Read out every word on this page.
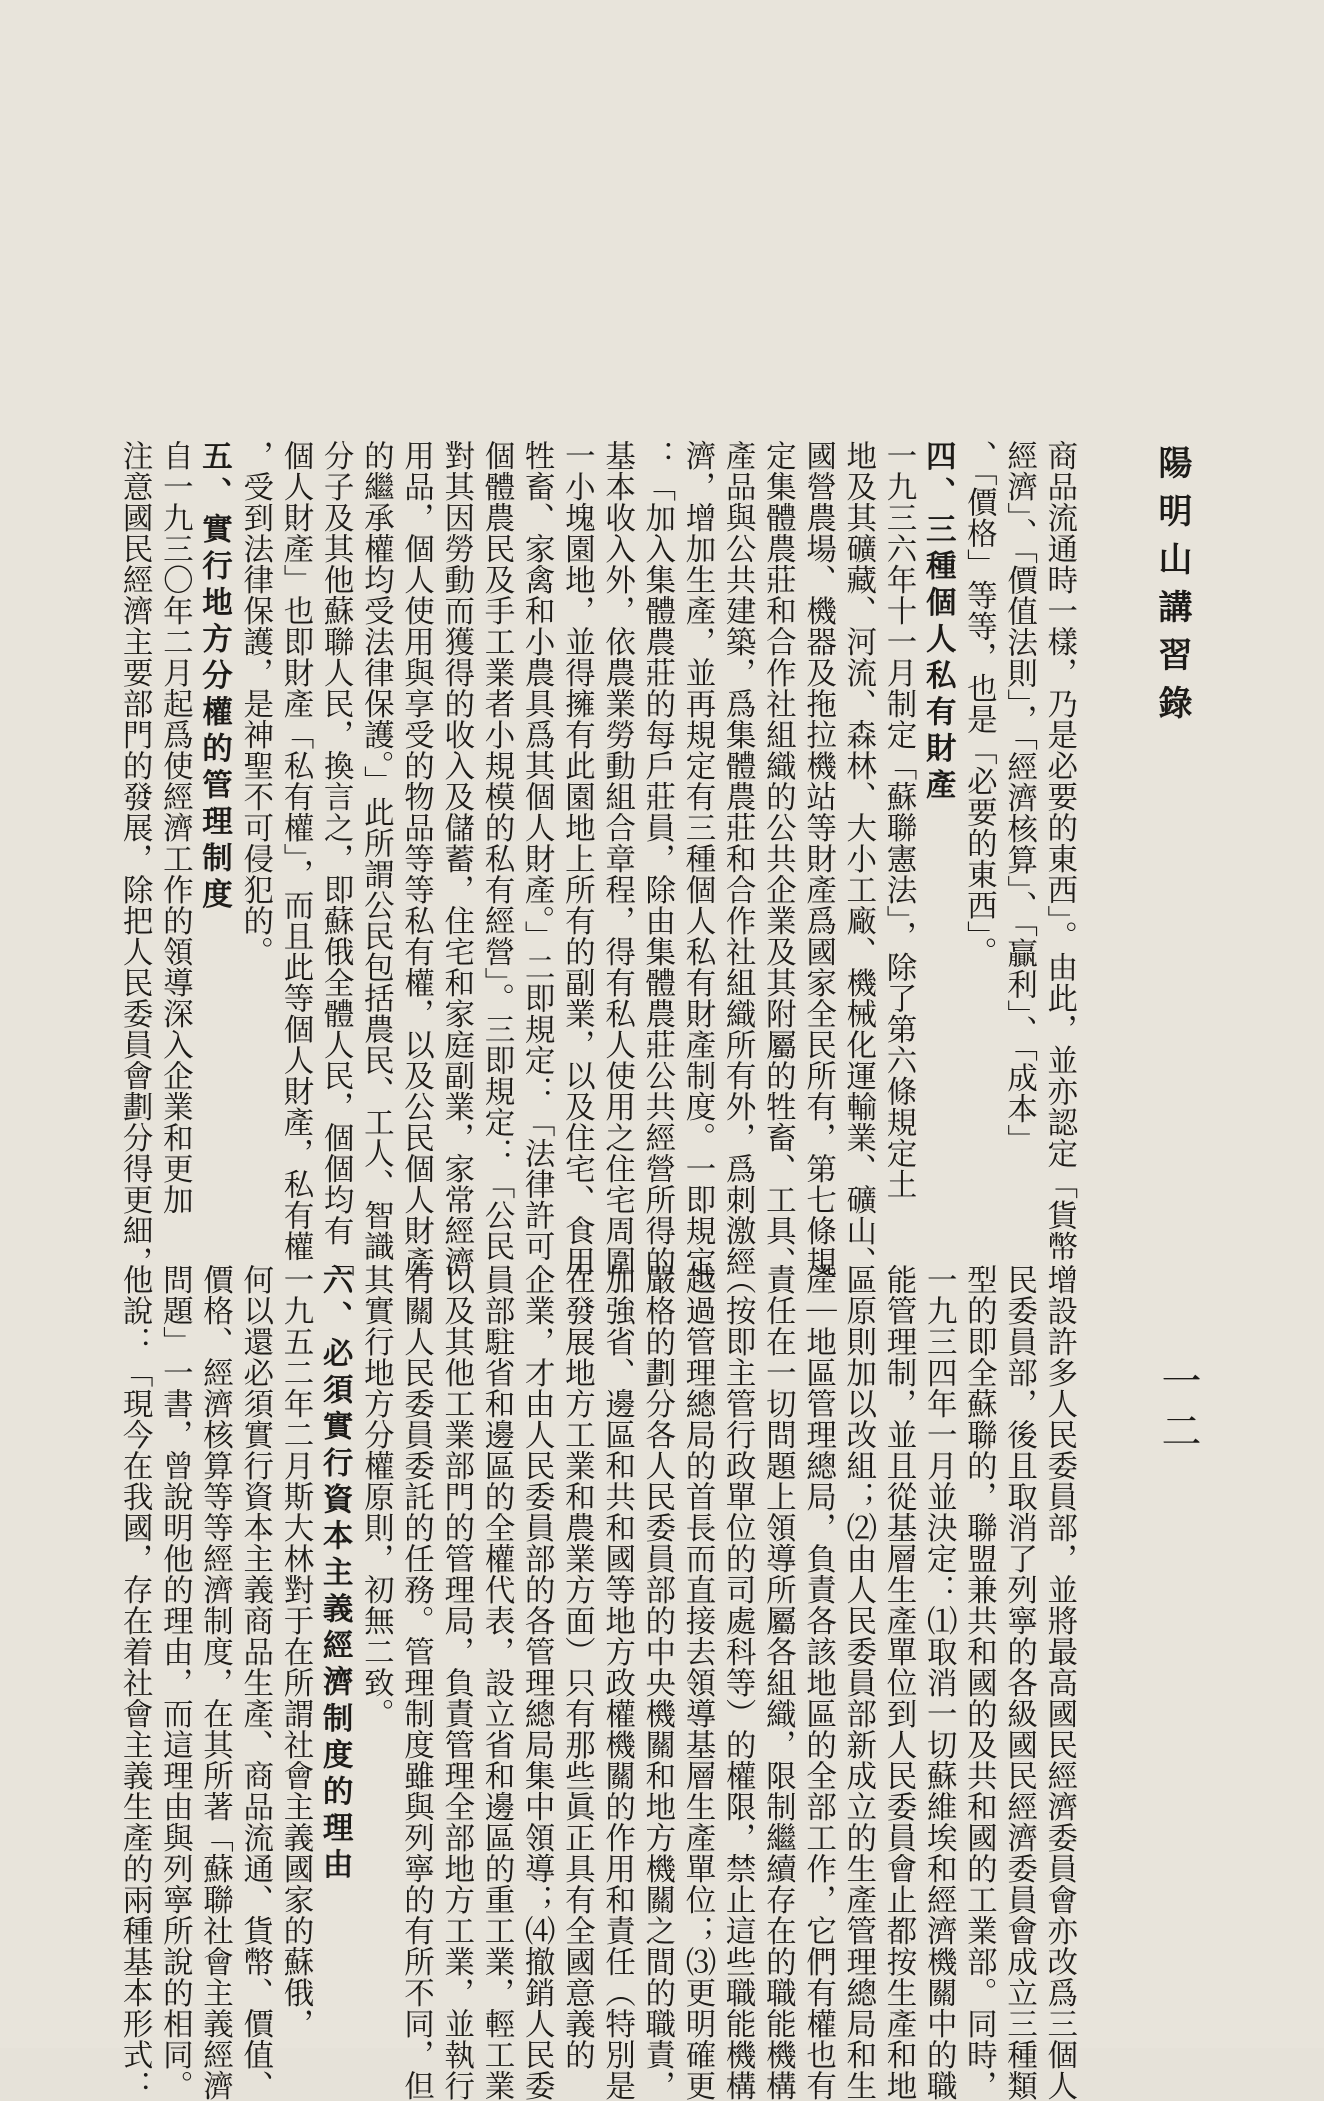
陽明山講習錄
一二

商品流通時一樣，乃是必要的東西」。由此，並亦認定「貨幣
經濟」、「價值法則」，「經濟核算」、「贏利」、「成本」
、「價格」等等，也是「必要的東西」。
四、三種個人私有財產
一九三六年十一月制定「蘇聯憲法」，除了第六條規定土
地及其礦藏、河流、森林、大小工廠、機械化運輸業、礦山、
國營農場、機器及拖拉機站等財產爲國家全民所有，第七條規
定集體農莊和合作社組織的公共企業及其附屬的牲畜、工具、
產品與公共建築，爲集體農莊和合作社組織所有外，爲刺激經
濟，增加生產，並再規定有三種個人私有財產制度。一即規定
：「加入集體農莊的每戶莊員，除由集體農莊公共經營所得的
基本收入外，依農業勞動組合章程，得有私人使用之住宅周圍
一小塊園地，並得擁有此園地上所有的副業，以及住宅、食用
牲畜、家禽和小農具爲其個人財產。」二即規定：「法律許可
個體農民及手工業者小規模的私有經營」。三即規定：「公民
對其因勞動而獲得的收入及儲蓄，住宅和家庭副業，家常經濟
用品，個人使用與享受的物品等等私有權，以及公民個人財產
的繼承權均受法律保護。」此所謂公民包括農民、工人、智識
分子及其他蘇聯人民，換言之，即蘇俄全體人民，個個均有「
個人財產」也即財產「私有權」，而且此等個人財產，私有權
，受到法律保護，是神聖不可侵犯的。
五、實行地方分權的管理制度
自一九三〇年二月起爲使經濟工作的領導深入企業和更加
注意國民經濟主要部門的發展，除把人民委員會劃分得更細，

增設許多人民委員部，並將最高國民經濟委員會亦改爲三個人
民委員部，後且取消了列寧的各級國民經濟委員會成立三種類
型的即全蘇聯的，聯盟兼共和國的及共和國的工業部。同時，
一九三四年一月並決定：⑴取消一切蘇維埃和經濟機關中的職
能管理制，並且從基層生產單位到人民委員會止都按生產和地
區原則加以改組；⑵由人民委員部新成立的生產管理總局和生
產｜地區管理總局，負責各該地區的全部工作，它們有權也有
責任在一切問題上領導所屬各組織，限制繼續存在的職能機構
（按即主管行政單位的司處科等）的權限，禁止這些職能機構
越過管理總局的首長而直接去領導基層生產單位；⑶更明確更
嚴格的劃分各人民委員部的中央機關和地方機關之間的職責，
加強省、邊區和共和國等地方政權機關的作用和責任（特別是
在發展地方工業和農業方面）只有那些眞正具有全國意義的
企業，才由人民委員部的各管理總局集中領導；⑷撤銷人民委
員部駐省和邊區的全權代表，設立省和邊區的重工業，輕工業
以及其他工業部門的管理局，負責管理全部地方工業，並執行
有關人民委員委託的任務。管理制度雖與列寧的有所不同，但
其實行地方分權原則，初無二致。
六、必須實行資本主義經濟制度的理由
一九五二年二月斯大林對于在所謂社會主義國家的蘇俄，
何以還必須實行資本主義商品生產、商品流通、貨幣、價值、
價格、經濟核算等等經濟制度，在其所著「蘇聯社會主義經濟
問題」一書，曾說明他的理由，而這理由與列寧所說的相同。
他說：「現今在我國，存在着社會主義生產的兩種基本形式：
